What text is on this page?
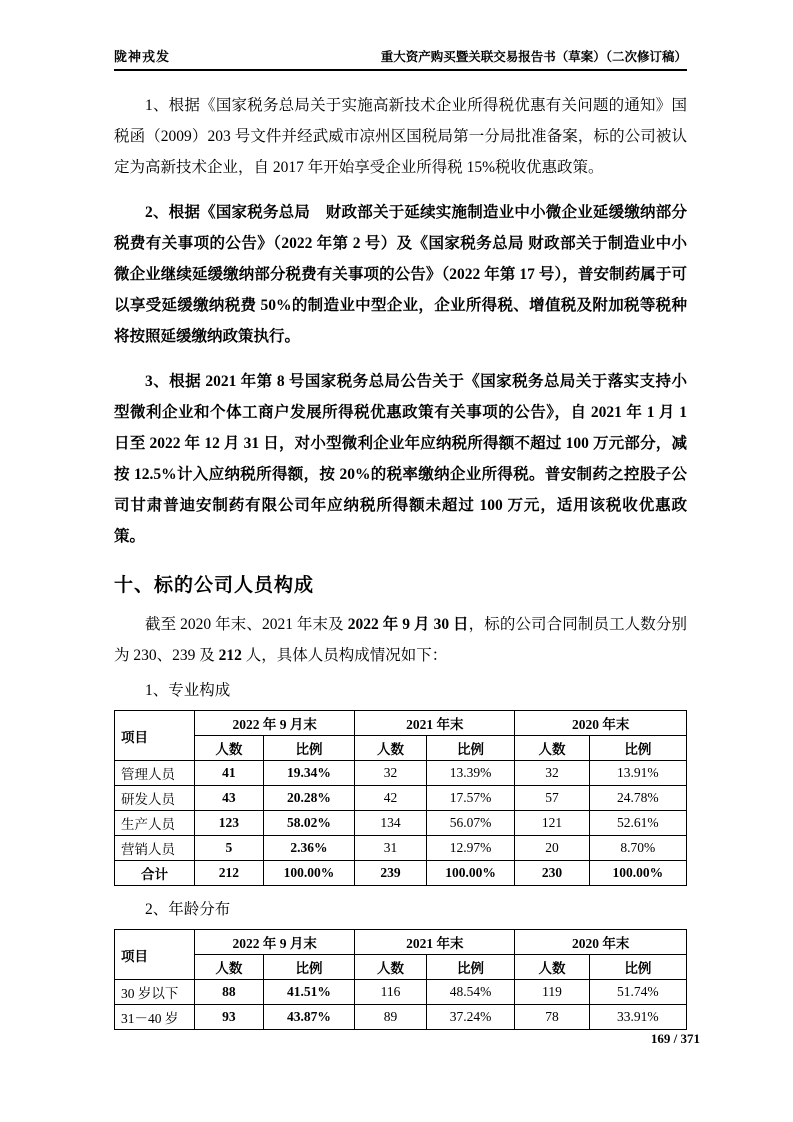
陇神戎发	重大资产购买暨关联交易报告书（草案）（二次修订稿）

1、根据《国家税务总局关于实施高新技术企业所得税优惠有关问题的通知》国税函（2009）203 号文件并经武威市凉州区国税局第一分局批准备案，标的公司被认定为高新技术企业，自 2017 年开始享受企业所得税 15%税收优惠政策。

2、根据《国家税务总局　财政部关于延续实施制造业中小微企业延缓缴纳部分税费有关事项的公告》（2022 年第 2 号）及《国家税务总局 财政部关于制造业中小微企业继续延缓缴纳部分税费有关事项的公告》（2022 年第 17 号），普安制药属于可以享受延缓缴纳税费 50%的制造业中型企业，企业所得税、增值税及附加税等税种将按照延缓缴纳政策执行。

3、根据 2021 年第 8 号国家税务总局公告关于《国家税务总局关于落实支持小型微利企业和个体工商户发展所得税优惠政策有关事项的公告》，自 2021 年 1 月 1 日至 2022 年 12 月 31 日，对小型微利企业年应纳税所得额不超过 100 万元部分，减按 12.5%计入应纳税所得额，按 20%的税率缴纳企业所得税。普安制药之控股子公司甘肃普迪安制药有限公司年应纳税所得额未超过 100 万元，适用该税收优惠政策。

十、标的公司人员构成

截至 2020 年末、2021 年末及 2022 年 9 月 30 日，标的公司合同制员工人数分别为 230、239 及 212 人，具体人员构成情况如下：

1、专业构成

项目	2022 年 9 月末		2021 年末		2020 年末	
	人数	比例	人数	比例	人数	比例
管理人员	41	19.34%	32	13.39%	32	13.91%
研发人员	43	20.28%	42	17.57%	57	24.78%
生产人员	123	58.02%	134	56.07%	121	52.61%
营销人员	5	2.36%	31	12.97%	20	8.70%
合计	212	100.00%	239	100.00%	230	100.00%

2、年龄分布

项目	2022 年 9 月末		2021 年末		2020 年末	
	人数	比例	人数	比例	人数	比例
30 岁以下	88	41.51%	116	48.54%	119	51.74%
31－40 岁	93	43.87%	89	37.24%	78	33.91%
169 / 371
